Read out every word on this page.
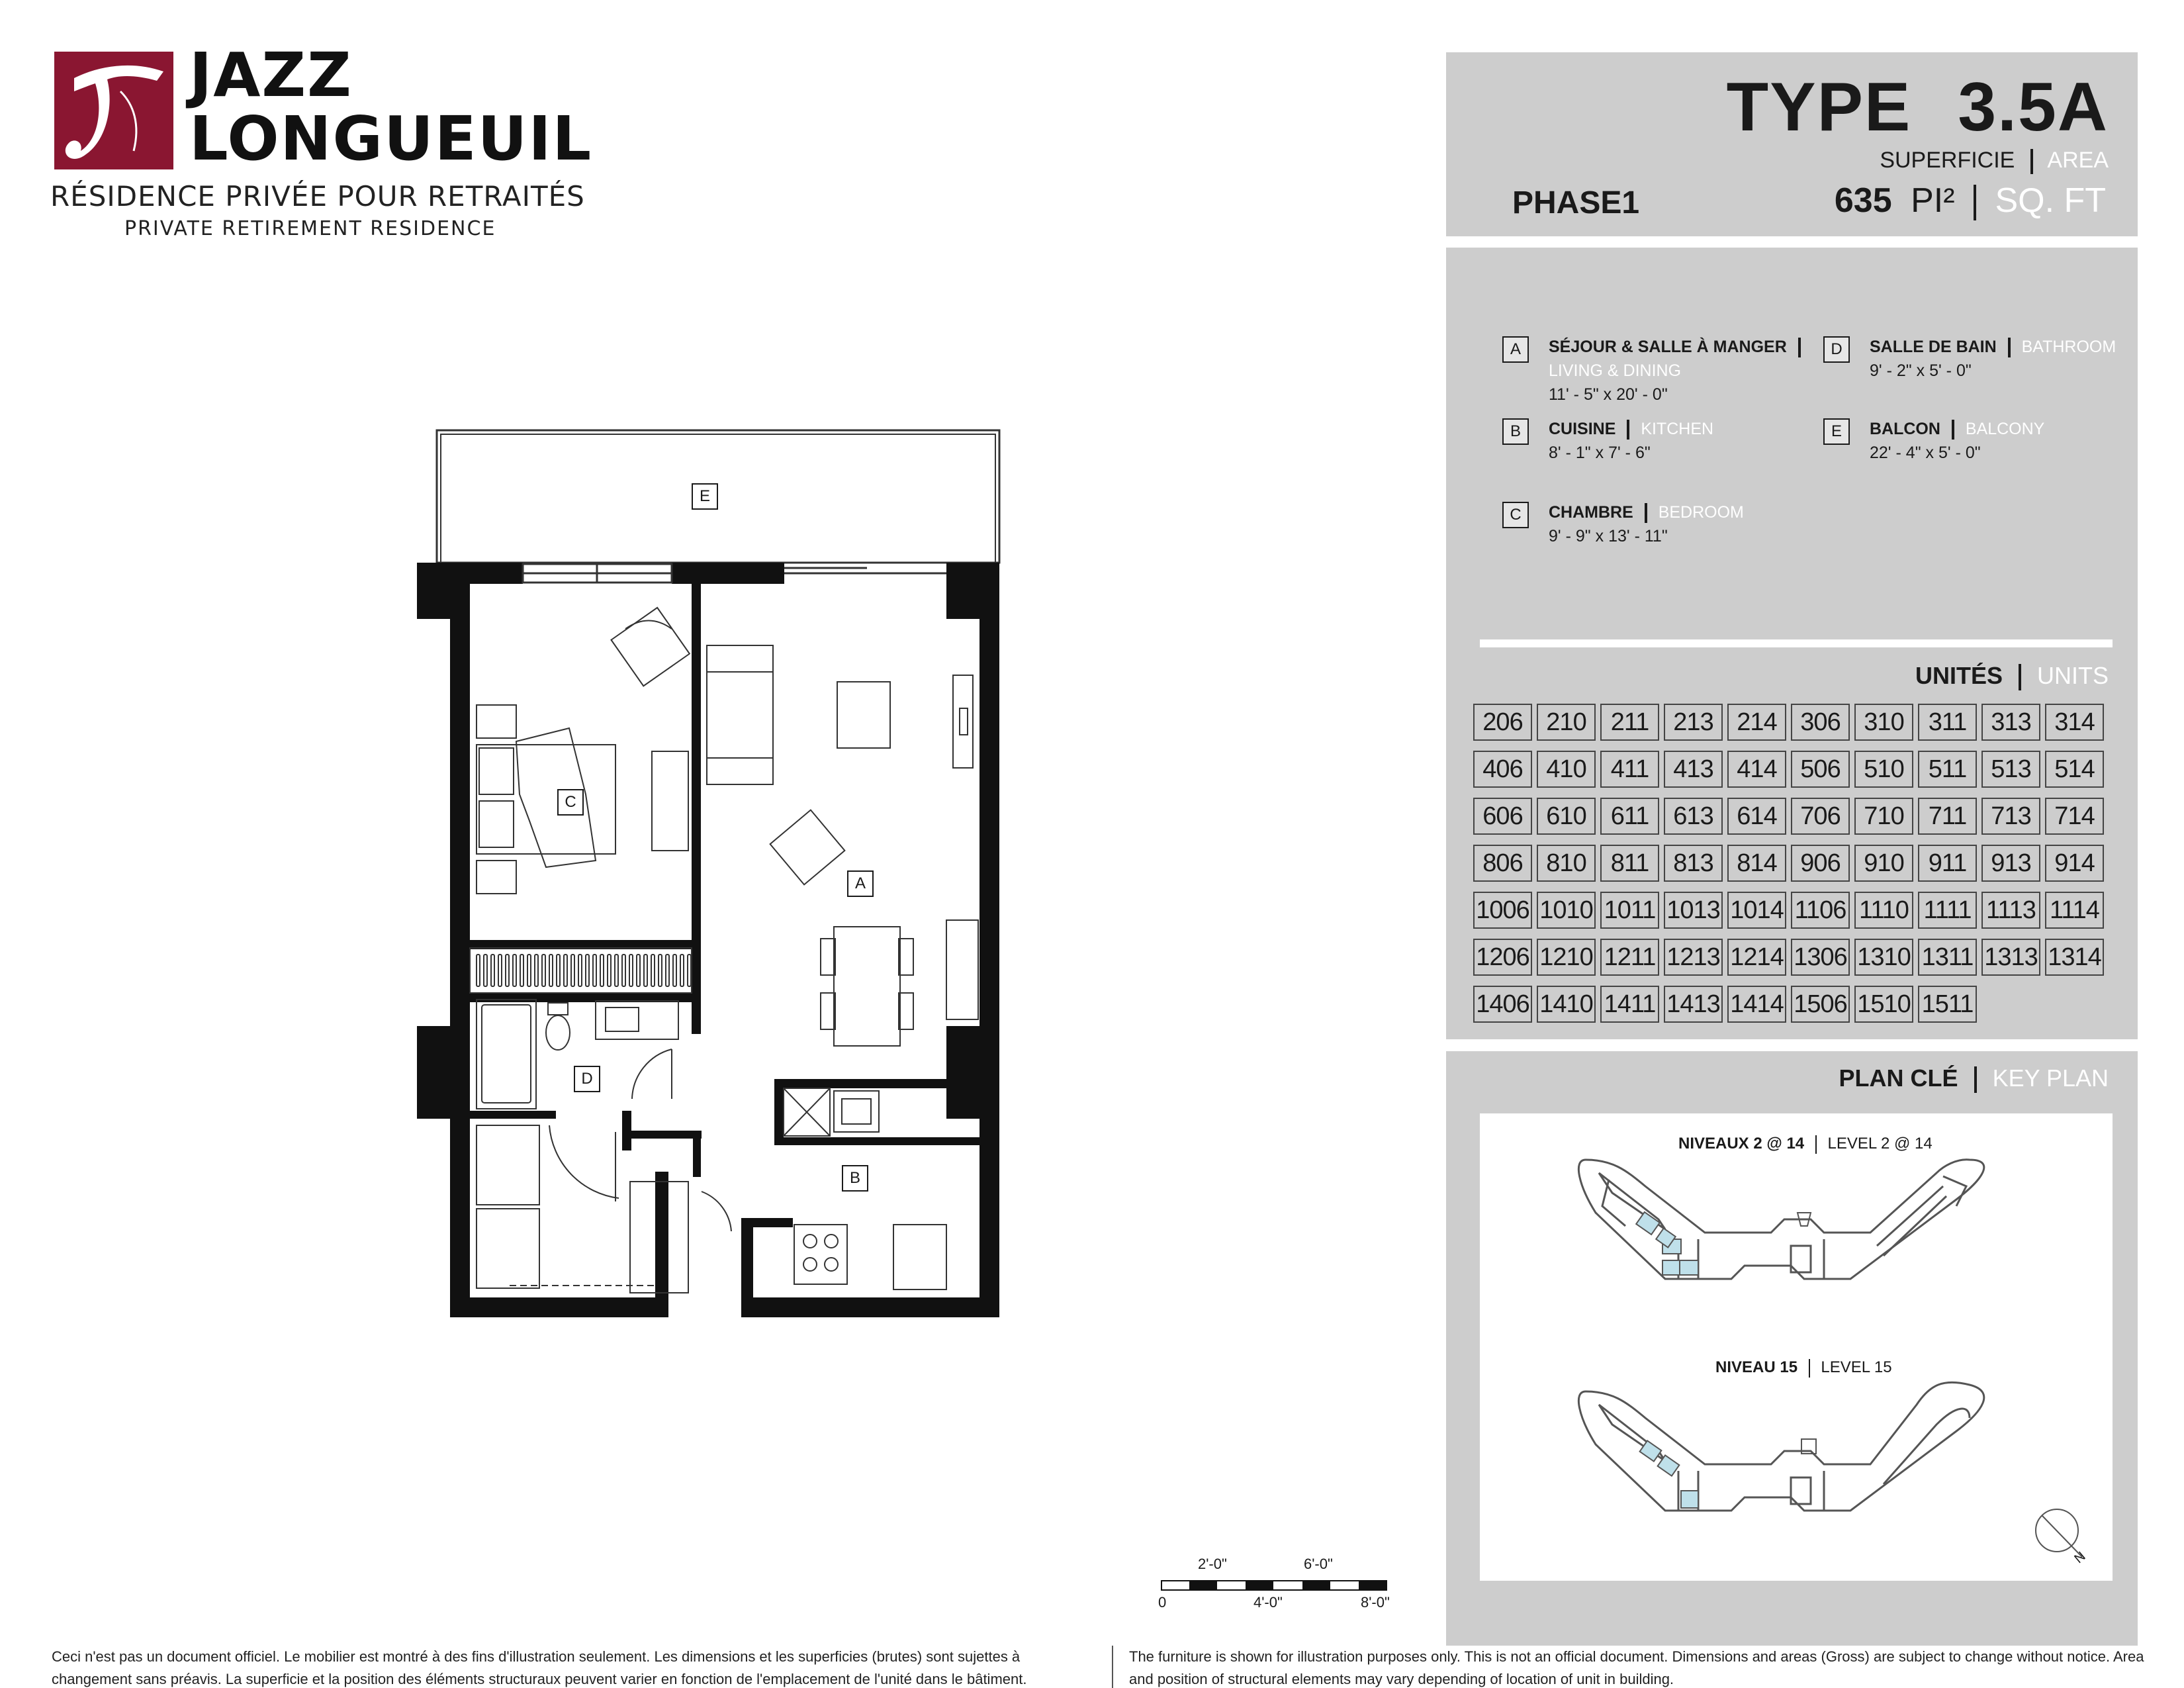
JAZZ
LONGUEUIL
RÉSIDENCE PRIVÉE POUR RETRAITÉS
PRIVATE RETIREMENT RESIDENCE
TYPE 3.5A
SUPERFICIE AREA
PHASE1	635 PI² SQ. FT
A	SÉJOUR & SALLE À MANGER
LIVING & DINING
11' - 5" x 20' - 0"
B	CUISINE KITCHEN
8' - 1" x 7' - 6"
C	CHAMBRE BEDROOM
9' - 9" x 13' - 11"
D	SALLE DE BAIN BATHROOM
9' - 2" x 5' - 0"
E	BALCON BALCONY
22' - 4" x 5' - 0"
UNITÉS UNITS
206 210 211 213 214 306 310 311 313 314
406 410 411 413 414 506 510 511 513 514
606 610 611 613 614 706 710 711 713 714
806 810 811 813 814 906 910 911 913 914
1006 1010 1011 1013 1014 1106 1110 1111 1113 1114
1206 1210 1211 1213 1214 1306 1310 1311 1313 1314
1406 1410 1411 1413 1414 1506 1510 1511
PLAN CLÉ KEY PLAN
NIVEAUX 2 @ 14 LEVEL 2 @ 14
NIVEAU 15 LEVEL 15
N
E
C
A
D
B
2'-0"	6'-0"
0	4'-0"	8'-0"
Ceci n'est pas un document officiel. Le mobilier est montré à des fins d'illustration seulement. Les dimensions et les superficies (brutes) sont sujettes à changement sans préavis. La superficie et la position des éléments structuraux peuvent varier en fonction de l'emplacement de l'unité dans le bâtiment.
The furniture is shown for illustration purposes only. This is not an official document. Dimensions and areas (Gross) are subject to change without notice. Area and position of structural elements may vary depending of location of unit in building.
